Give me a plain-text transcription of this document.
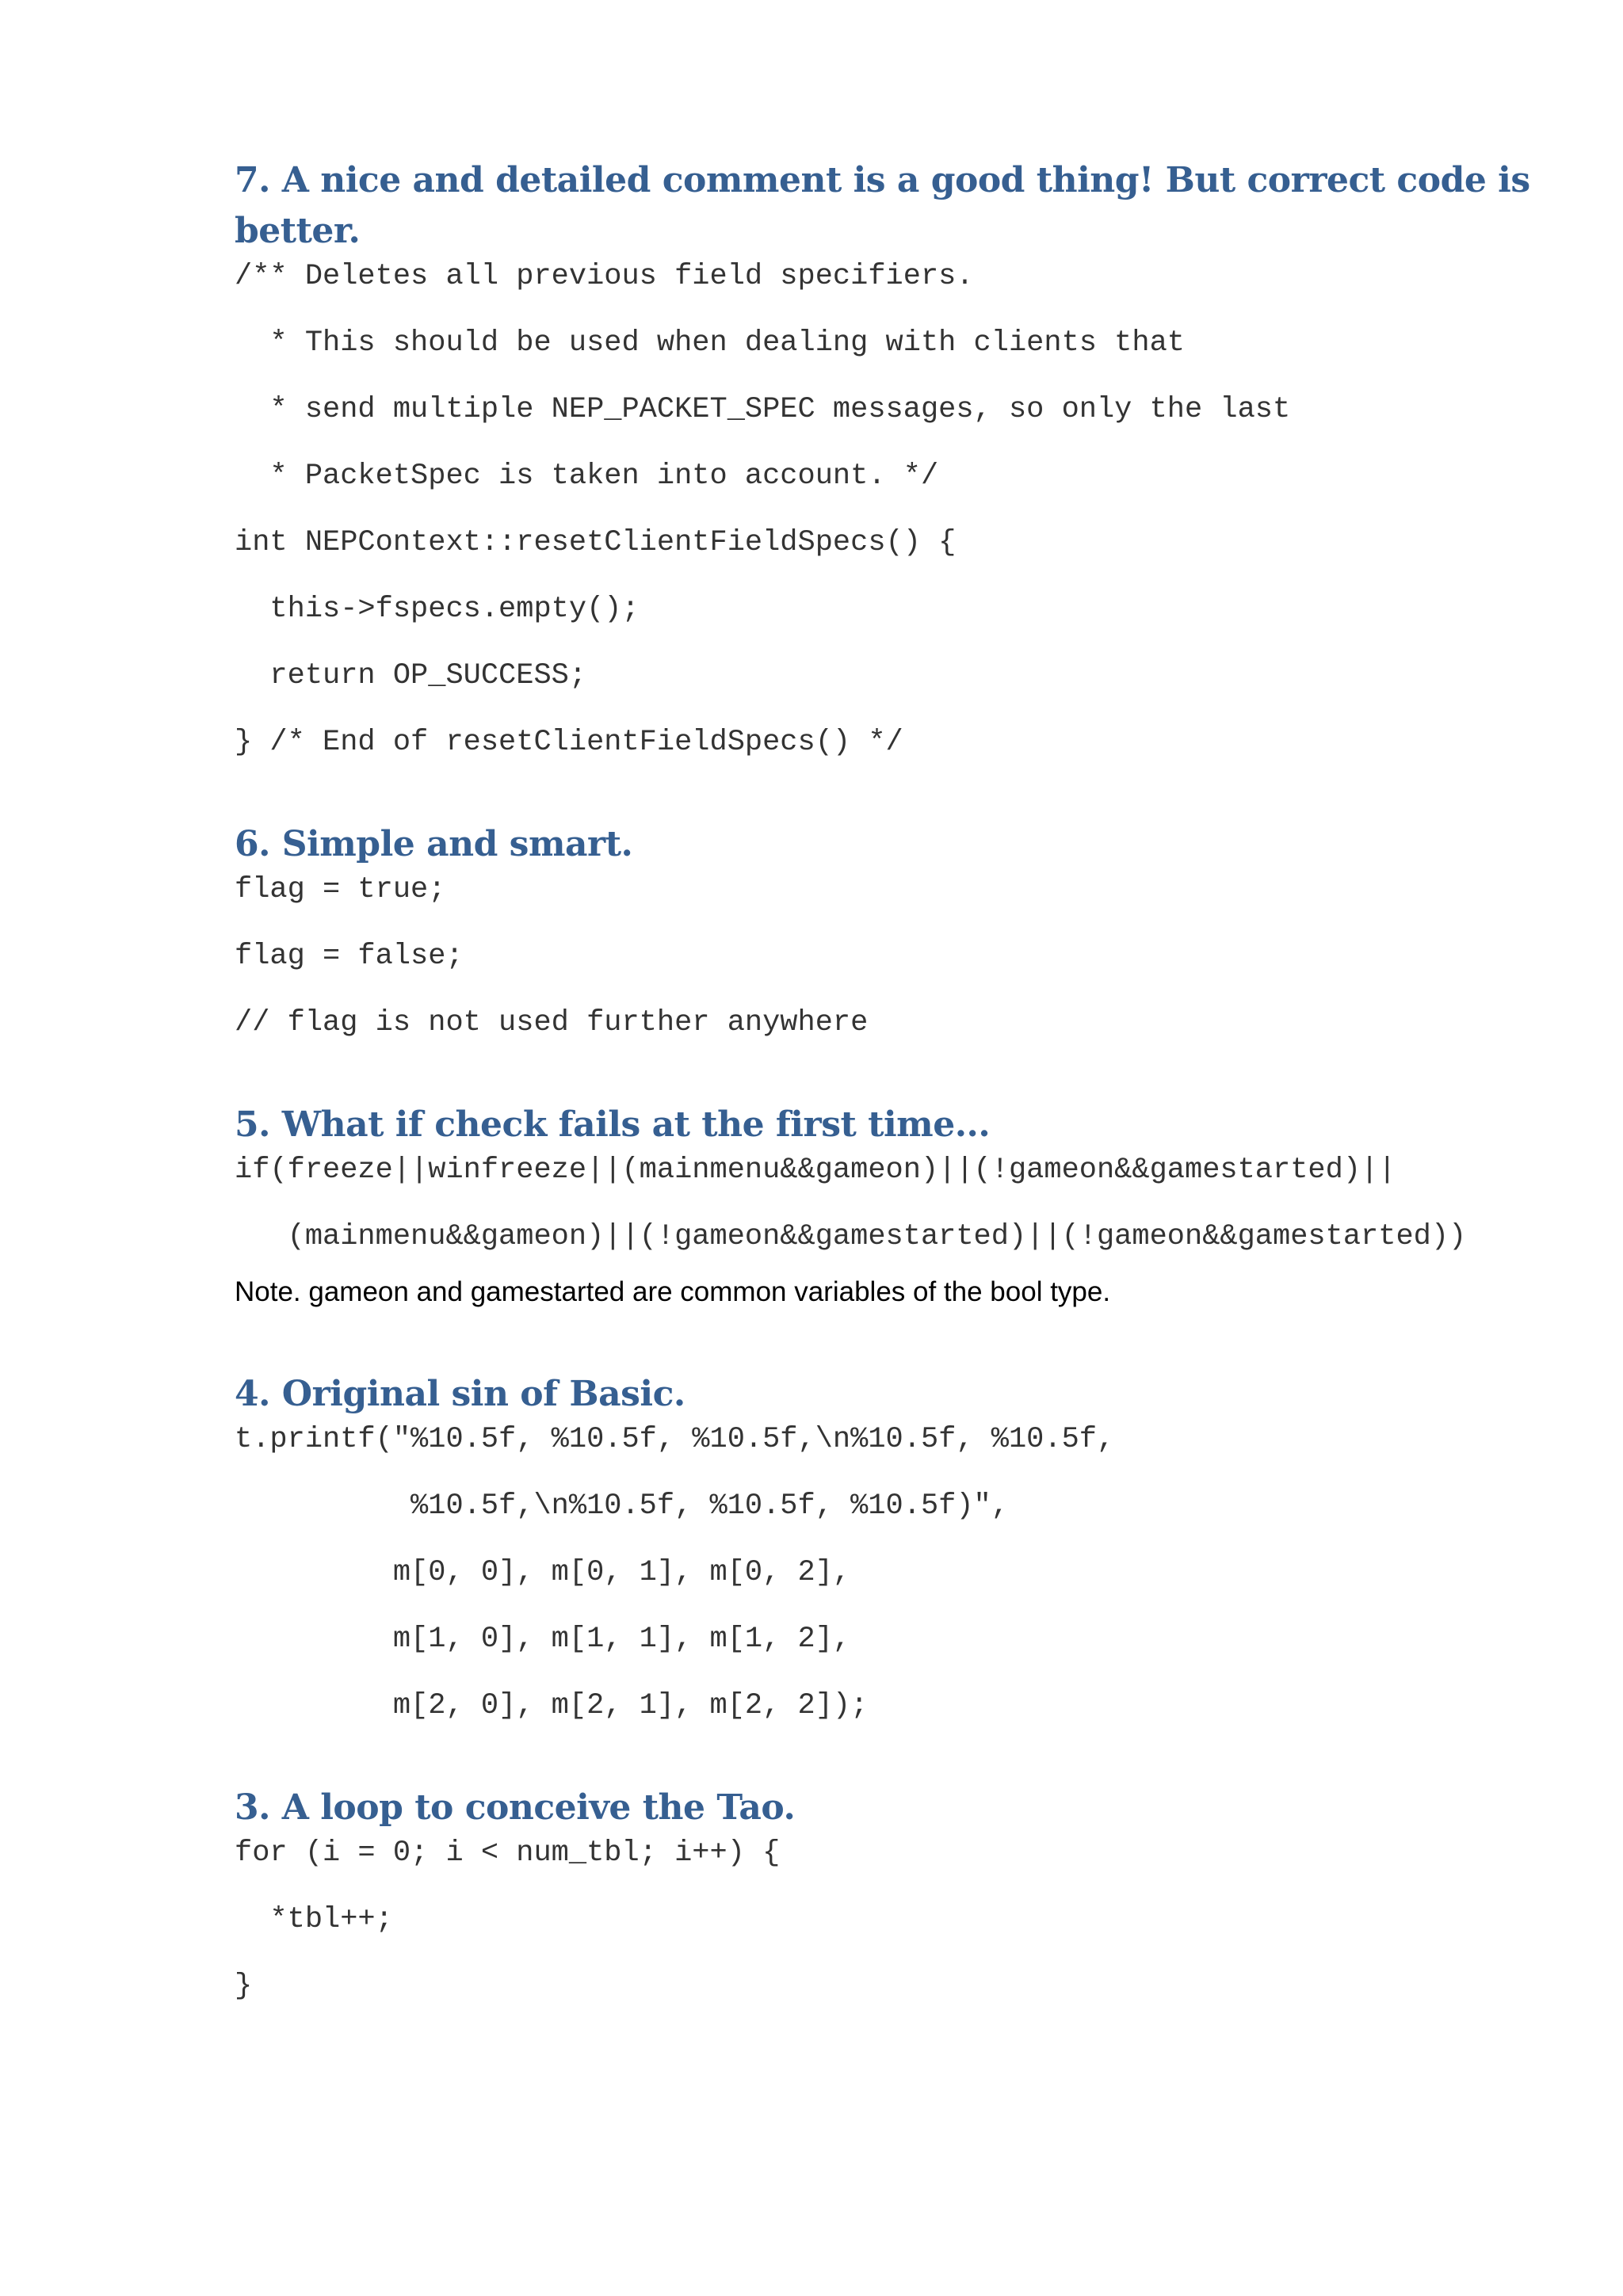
7. A nice and detailed comment is a good thing! But correct code is
better.
/** Deletes all previous field specifiers.
* This should be used when dealing with clients that
* send multiple NEP_PACKET_SPEC messages, so only the last
* PacketSpec is taken into account. */
int NEPContext::resetClientFieldSpecs() {
this->fspecs.empty();
return OP_SUCCESS;
} /* End of resetClientFieldSpecs() */
6. Simple and smart.
flag = true;
flag = false;
// flag is not used further anywhere
5. What if check fails at the first time...
if(freeze||winfreeze||(mainmenu&&gameon)||(!gameon&&gamestarted)||
(mainmenu&&gameon)||(!gameon&&gamestarted)||(!gameon&&gamestarted))

Note. gameon and gamestarted are common variables of the bool type.

4. Original sin of Basic.
t.printf("%10.5f, %10.5f, %10.5f,\n%10.5f, %10.5f,
%10.5f,\n%10.5f, %10.5f, %10.5f)",
m[0, 0], m[0, 1], m[0, 2],
m[1, 0], m[1, 1], m[1, 2],
m[2, 0], m[2, 1], m[2, 2]);
3. A loop to conceive the Tao.
for (i = 0; i < num_tbl; i++) {
*tbl++;
}
